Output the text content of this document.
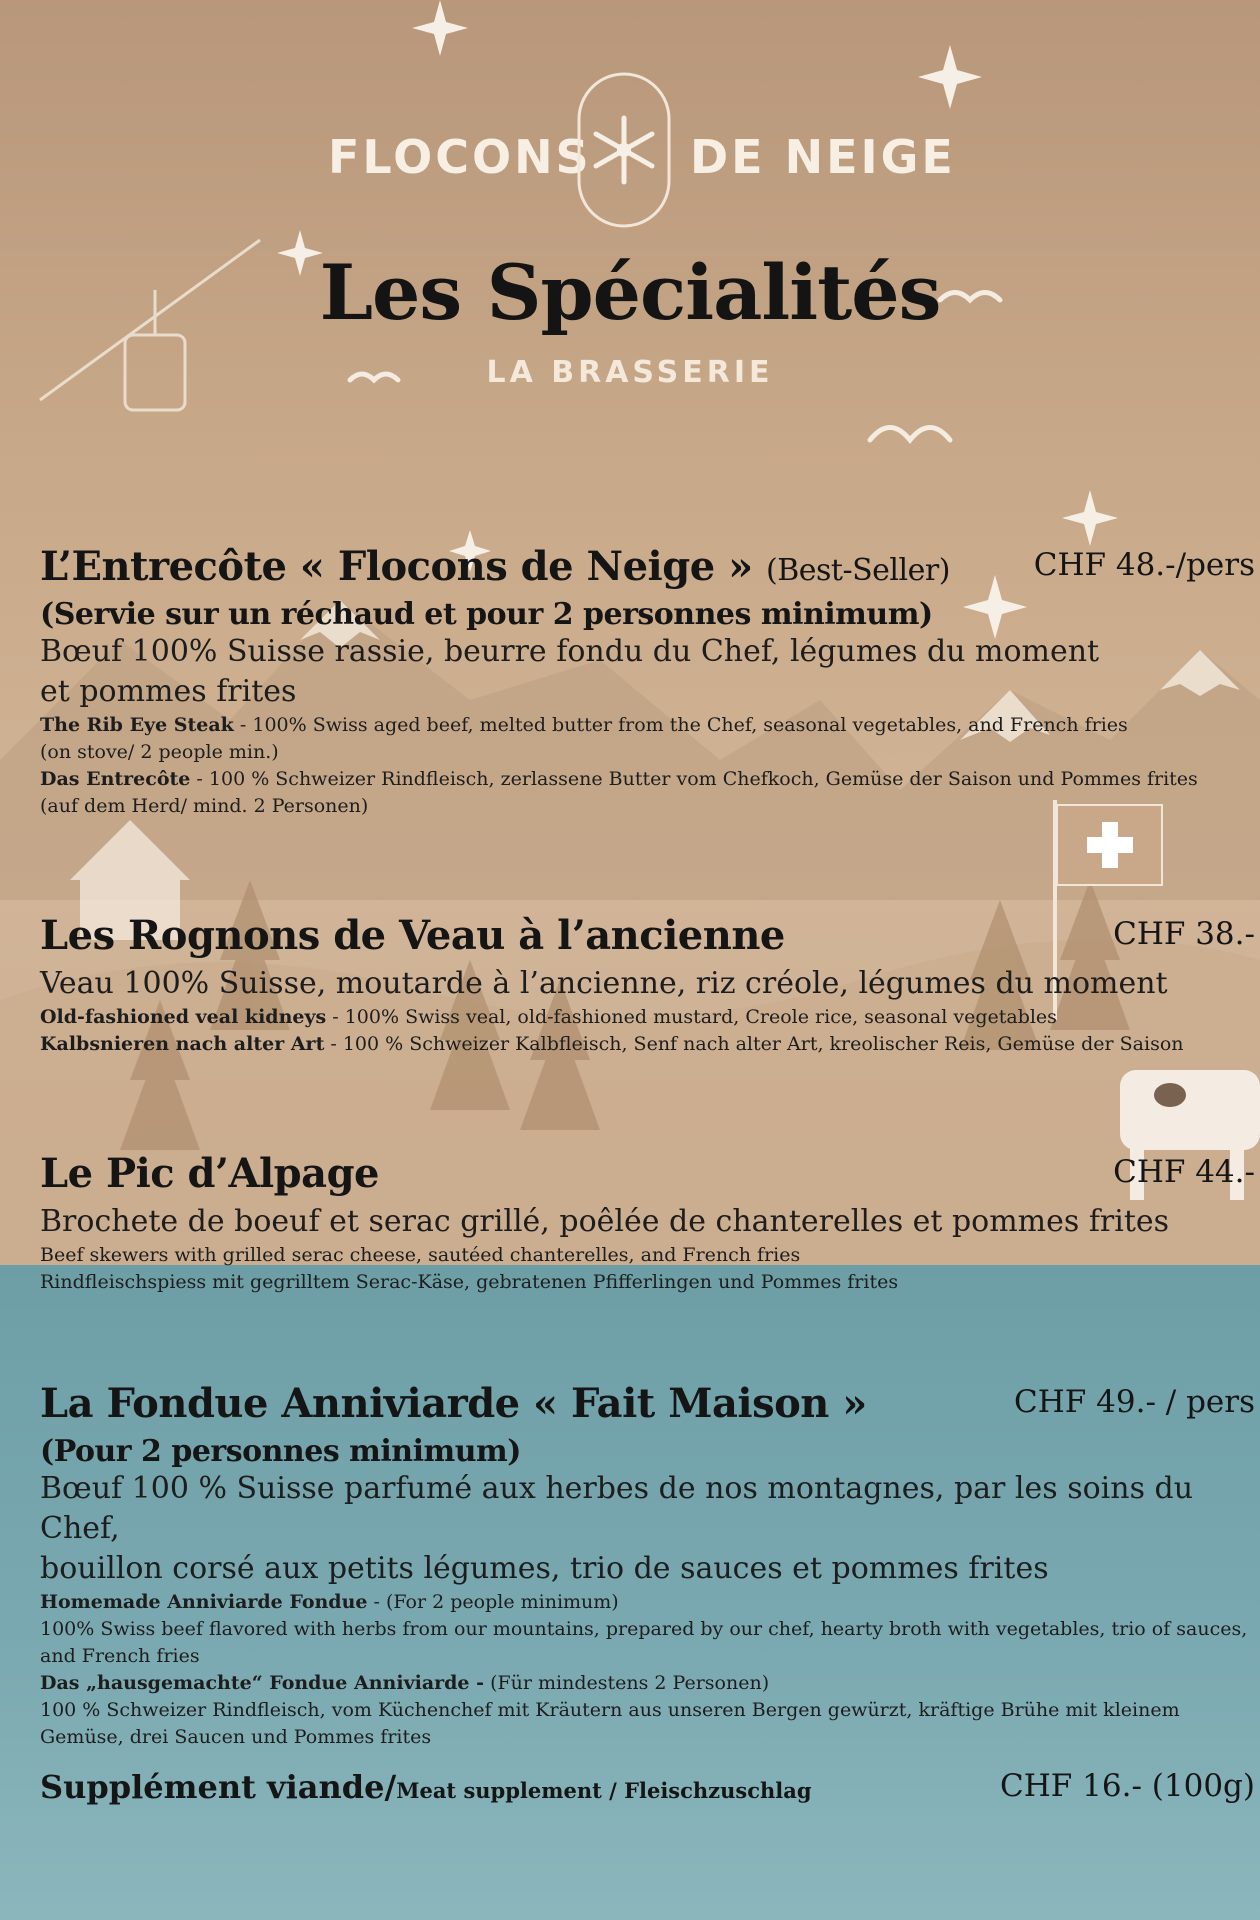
FLOCONS DE NEIGE
Les Spécialités
LA BRASSERIE
L’Entrecôte « Flocons de Neige » (Best-Seller)	CHF 48.-/pers
(Servie sur un réchaud et pour 2 personnes minimum)
Bœuf 100% Suisse rassie, beurre fondu du Chef, légumes du moment
et pommes frites
The Rib Eye Steak - 100% Swiss aged beef, melted butter from the Chef, seasonal vegetables, and French fries
(on stove/ 2 people min.)
Das Entrecôte - 100 % Schweizer Rindfleisch, zerlassene Butter vom Chefkoch, Gemüse der Saison und Pommes frites
(auf dem Herd/ mind. 2 Personen)
Les Rognons de Veau à l’ancienne	CHF 38.-
Veau 100% Suisse, moutarde à l’ancienne, riz créole, légumes du moment
Old-fashioned veal kidneys - 100% Swiss veal, old-fashioned mustard, Creole rice, seasonal vegetables
Kalbsnieren nach alter Art - 100 % Schweizer Kalbfleisch, Senf nach alter Art, kreolischer Reis, Gemüse der Saison
Le Pic d’Alpage	CHF 44.-
Brochete de boeuf et serac grillé, poêlée de chanterelles et pommes frites
Beef skewers with grilled serac cheese, sautéed chanterelles, and French fries
Rindfleischspiess mit gegrilltem Serac-Käse, gebratenen Pfifferlingen und Pommes frites
La Fondue Anniviarde « Fait Maison »	CHF 49.- / pers
(Pour 2 personnes minimum)
Bœuf 100 % Suisse parfumé aux herbes de nos montagnes, par les soins du Chef,
bouillon corsé aux petits légumes, trio de sauces et pommes frites
Homemade Anniviarde Fondue - (For 2 people minimum)
100% Swiss beef flavored with herbs from our mountains, prepared by our chef, hearty broth with vegetables, trio of sauces,
and French fries
Das „hausgemachte“ Fondue Anniviarde - (Für mindestens 2 Personen)
100 % Schweizer Rindfleisch, vom Küchenchef mit Kräutern aus unseren Bergen gewürzt, kräftige Brühe mit kleinem
Gemüse, drei Saucen und Pommes frites
Supplément viande/Meat supplement / Fleischzuschlag	CHF 16.- (100g)
